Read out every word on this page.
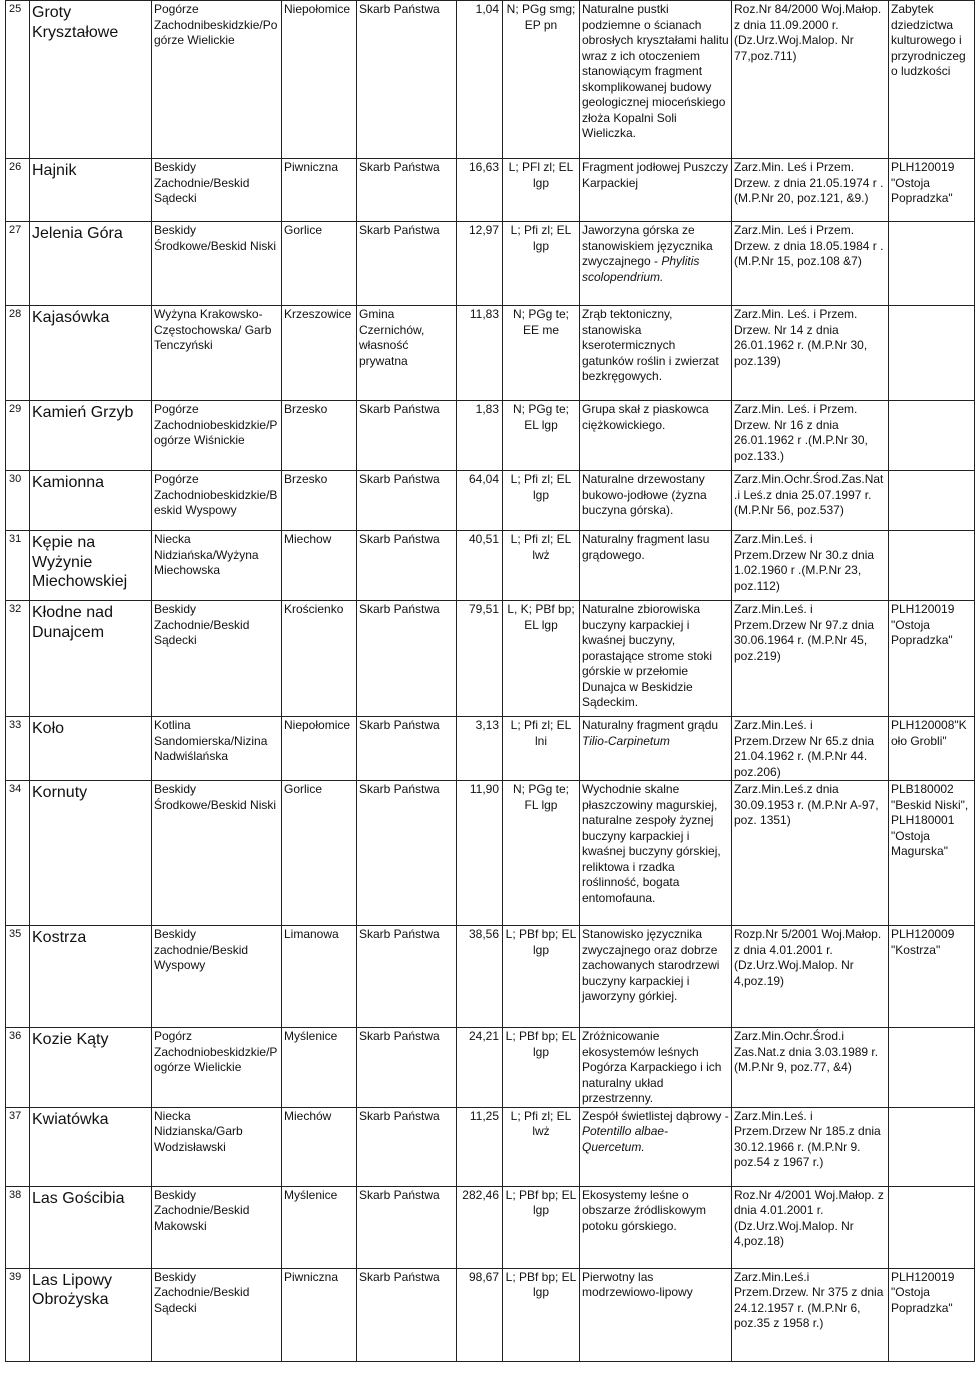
25	Groty Kryształowe	Pogórze Zachodnibeskidzkie/Pogórze Wielickie	Niepołomice	Skarb Państwa	1,04	N; PGg smg; EP pn	Naturalne pustki podziemne o ścianach obrosłych kryształami halitu wraz z ich otoczeniem stanowiącym fragment skomplikowanej budowy geologicznej mioceńskiego złoża Kopalni Soli Wieliczka.	Roz.Nr 84/2000 Woj.Małop. z dnia 11.09.2000 r. (Dz.Urz.Woj.Malop. Nr 77,poz.711)	Zabytek dziedzictwa kulturowego i przyrodniczego ludzkości
26	Hajnik	Beskidy Zachodnie/Beskid Sądecki	Piwniczna	Skarb Państwa	16,63	L; PFl zl; EL lgp	Fragment jodłowej Puszczy Karpackiej	Zarz.Min. Leś i Przem. Drzew. z dnia 21.05.1974 r .(M.P.Nr 20, poz.121, &9.)	PLH120019 "Ostoja Popradzka"
27	Jelenia Góra	Beskidy Środkowe/Beskid Niski	Gorlice	Skarb Państwa	12,97	L; Pfi zl; EL lgp	Jaworzyna górska ze stanowiskiem języcznika zwyczajnego - Phylitis scolopendrium.	Zarz.Min. Leś i Przem. Drzew. z dnia 18.05.1984 r .(M.P.Nr 15, poz.108 &7)	
28	Kajasówka	Wyżyna Krakowsko-Częstochowska/ Garb Tenczyński	Krzeszowice	Gmina Czernichów, własność prywatna	11,83	N; PGg te; EE me	Zrąb tektoniczny, stanowiska kserotermicznych gatunków roślin i zwierzat bezkręgowych.	Zarz.Min. Leś. i Przem. Drzew. Nr 14 z dnia 26.01.1962 r. (M.P.Nr 30, poz.139)	
29	Kamień Grzyb	Pogórze Zachodniobeskidzkie/Pogórze Wiśnickie	Brzesko	Skarb Państwa	1,83	N; PGg te; EL lgp	Grupa skał z piaskowca ciężkowickiego.	Zarz.Min. Leś. i Przem. Drzew. Nr 16 z dnia 26.01.1962 r .(M.P.Nr 30, poz.133.)	
30	Kamionna	Pogórze Zachodniobeskidzkie/Beskid Wyspowy	Brzesko	Skarb Państwa	64,04	L; Pfi zl; EL lgp	Naturalne drzewostany bukowo-jodłowe (żyzna buczyna górska).	Zarz.Min.Ochr.Środ.Zas.Nat.i Leś.z dnia 25.07.1997 r. (M.P.Nr 56, poz.537)	
31	Kępie na Wyżynie Miechowskiej	Niecka Nidziańska/Wyżyna Miechowska	Miechow	Skarb Państwa	40,51	L; Pfi zl; EL lwż	Naturalny fragment lasu grądowego.	Zarz.Min.Leś. i Przem.Drzew Nr 30.z dnia 1.02.1960 r .(M.P.Nr 23, poz.112)	
32	Kłodne nad Dunajcem	Beskidy Zachodnie/Beskid Sądecki	Krościenko	Skarb Państwa	79,51	L, K; PBf bp; EL lgp	Naturalne zbiorowiska buczyny karpackiej i kwaśnej buczyny, porastające strome stoki górskie w przełomie Dunajca w Beskidzie Sądeckim.	Zarz.Min.Leś. i Przem.Drzew Nr 97.z dnia 30.06.1964 r. (M.P.Nr 45, poz.219)	PLH120019 "Ostoja Popradzka"
33	Koło	Kotlina Sandomierska/Nizina Nadwiślańska	Niepołomice	Skarb Państwa	3,13	L; Pfi zl; EL lni	Naturalny fragment grądu Tilio-Carpinetum	Zarz.Min.Leś. i Przem.Drzew Nr 65.z dnia 21.04.1962 r. (M.P.Nr 44. poz.206)	PLH120008"Koło Grobli"
34	Kornuty	Beskidy Środkowe/Beskid Niski	Gorlice	Skarb Państwa	11,90	N; PGg te; FL lgp	Wychodnie skalne płaszczowiny magurskiej, naturalne zespoły żyznej buczyny karpackiej i kwaśnej buczyny górskiej, reliktowa i rzadka roślinność, bogata entomofauna.	Zarz.Min.Leś.z dnia 30.09.1953 r. (M.P.Nr A-97, poz. 1351)	PLB180002 "Beskid Niski", PLH180001 "Ostoja Magurska"
35	Kostrza	Beskidy zachodnie/Beskid Wyspowy	Limanowa	Skarb Państwa	38,56	L; PBf bp; EL lgp	Stanowisko języcznika zwyczajnego oraz dobrze zachowanych starodrzewi buczyny karpackiej i jaworzyny górkiej.	Rozp.Nr 5/2001 Woj.Małop. z dnia 4.01.2001 r. (Dz.Urz.Woj.Malop. Nr 4,poz.19)	PLH120009 "Kostrza"
36	Kozie Kąty	Pogórz Zachodniobeskidzkie/Pogórze Wielickie	Myślenice	Skarb Państwa	24,21	L; PBf bp; EL lgp	Zróżnicowanie ekosystemów leśnych Pogórza Karpackiego i ich naturalny układ przestrzenny.	Zarz.Min.Ochr.Środ.i Zas.Nat.z dnia 3.03.1989 r. (M.P.Nr 9, poz.77, &4)	
37	Kwiatówka	Niecka Nidzianska/Garb Wodzisławski	Miechów	Skarb Państwa	11,25	L; Pfi zl; EL lwż	Zespół świetlistej dąbrowy - Potentillo albae-Quercetum.	Zarz.Min.Leś. i Przem.Drzew Nr 185.z dnia 30.12.1966 r. (M.P.Nr 9. poz.54 z 1967 r.)	
38	Las Gościbia	Beskidy Zachodnie/Beskid Makowski	Myślenice	Skarb Państwa	282,46	L; PBf bp; EL lgp	Ekosystemy leśne o obszarze źródliskowym potoku górskiego.	Roz.Nr 4/2001 Woj.Małop. z dnia 4.01.2001 r. (Dz.Urz.Woj.Malop. Nr 4,poz.18)	
39	Las Lipowy Obrożyska	Beskidy Zachodnie/Beskid Sądecki	Piwniczna	Skarb Państwa	98,67	L; PBf bp; EL lgp	Pierwotny las modrzewiowo-lipowy	Zarz.Min.Leś.i Przem.Drzew. Nr 375 z dnia 24.12.1957 r. (M.P.Nr 6, poz.35 z 1958 r.)	PLH120019 "Ostoja Popradzka"
